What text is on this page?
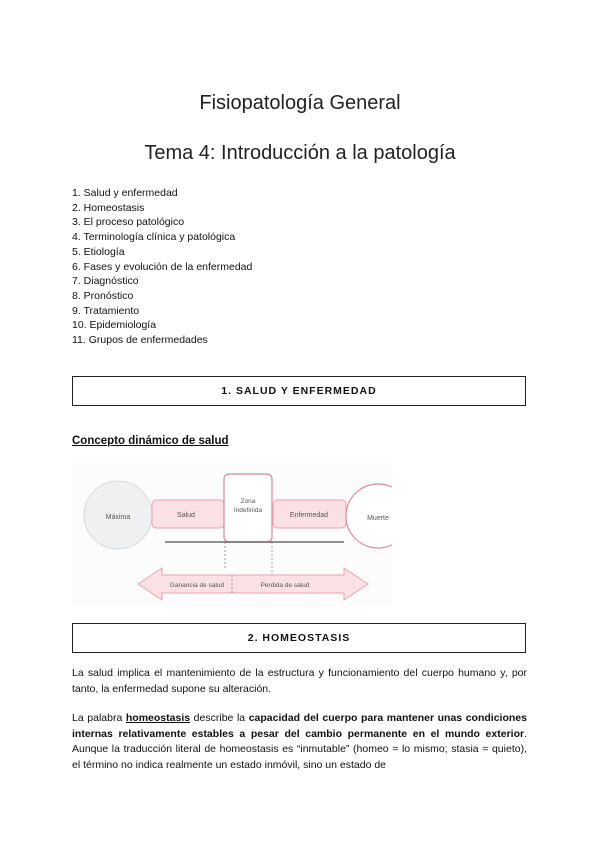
Fisiopatología General
Tema 4: Introducción a la patología
1. Salud y enfermedad
2. Homeostasis
3. El proceso patológico
4. Terminología clínica y patológica
5. Etiología
6. Fases y evolución de la enfermedad
7. Diagnóstico
8. Pronóstico
9. Tratamiento
10. Epidemiología
11. Grupos de enfermedades
1. SALUD Y ENFERMEDAD
Concepto dinámico de salud
Máxima	Salud
Zona
Indefinida
Enfermedad	Muerte
Ganancia de salud	Perdida de salud
2. HOMEOSTASIS

La salud implica el mantenimiento de la estructura y funcionamiento del cuerpo humano y, por tanto, la enfermedad supone su alteración.

La palabra homeostasis describe la capacidad del cuerpo para mantener unas condiciones internas relativamente estables a pesar del cambio permanente en el mundo exterior. Aunque la traducción literal de homeostasis es “inmutable” (homeo = lo mismo; stasia = quieto), el término no indica realmente un estado inmóvil, sino un estado de
